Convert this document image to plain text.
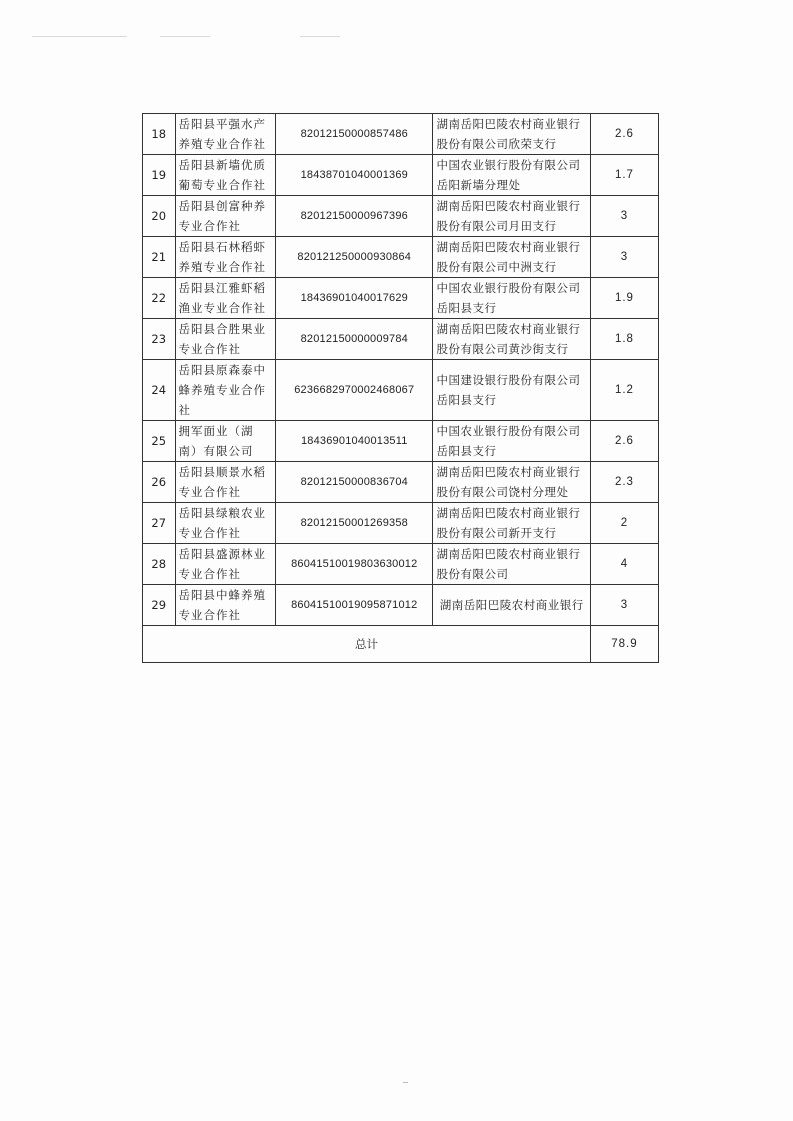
18	岳阳县平强水产养殖专业合作社	82012150000857486	湖南岳阳巴陵农村商业银行股份有限公司欣荣支行	2.6
19	岳阳县新墙优质葡萄专业合作社	18438701040001369	中国农业银行股份有限公司岳阳新墙分理处	1.7
20	岳阳县创富种养专业合作社	82012150000967396	湖南岳阳巴陵农村商业银行股份有限公司月田支行	3
21	岳阳县石林稻虾养殖专业合作社	820121250000930864	湖南岳阳巴陵农村商业银行股份有限公司中洲支行	3
22	岳阳县江雅虾稻渔业专业合作社	18436901040017629	中国农业银行股份有限公司岳阳县支行	1.9
23	岳阳县合胜果业专业合作社	82012150000009784	湖南岳阳巴陵农村商业银行股份有限公司黄沙街支行	1.8
24	岳阳县原森泰中蜂养殖专业合作社	6236682970002468067	中国建设银行股份有限公司岳阳县支行	1.2
25	拥军面业（湖南）有限公司	18436901040013511	中国农业银行股份有限公司岳阳县支行	2.6
26	岳阳县顺景水稻专业合作社	82012150000836704	湖南岳阳巴陵农村商业银行股份有限公司饶村分理处	2.3
27	岳阳县绿粮农业专业合作社	82012150001269358	湖南岳阳巴陵农村商业银行股份有限公司新开支行	2
28	岳阳县盛源林业专业合作社	86041510019803630012	湖南岳阳巴陵农村商业银行股份有限公司	4
29	岳阳县中蜂养殖专业合作社	86041510019095871012	湖南岳阳巴陵农村商业银行	3
总计				78.9
